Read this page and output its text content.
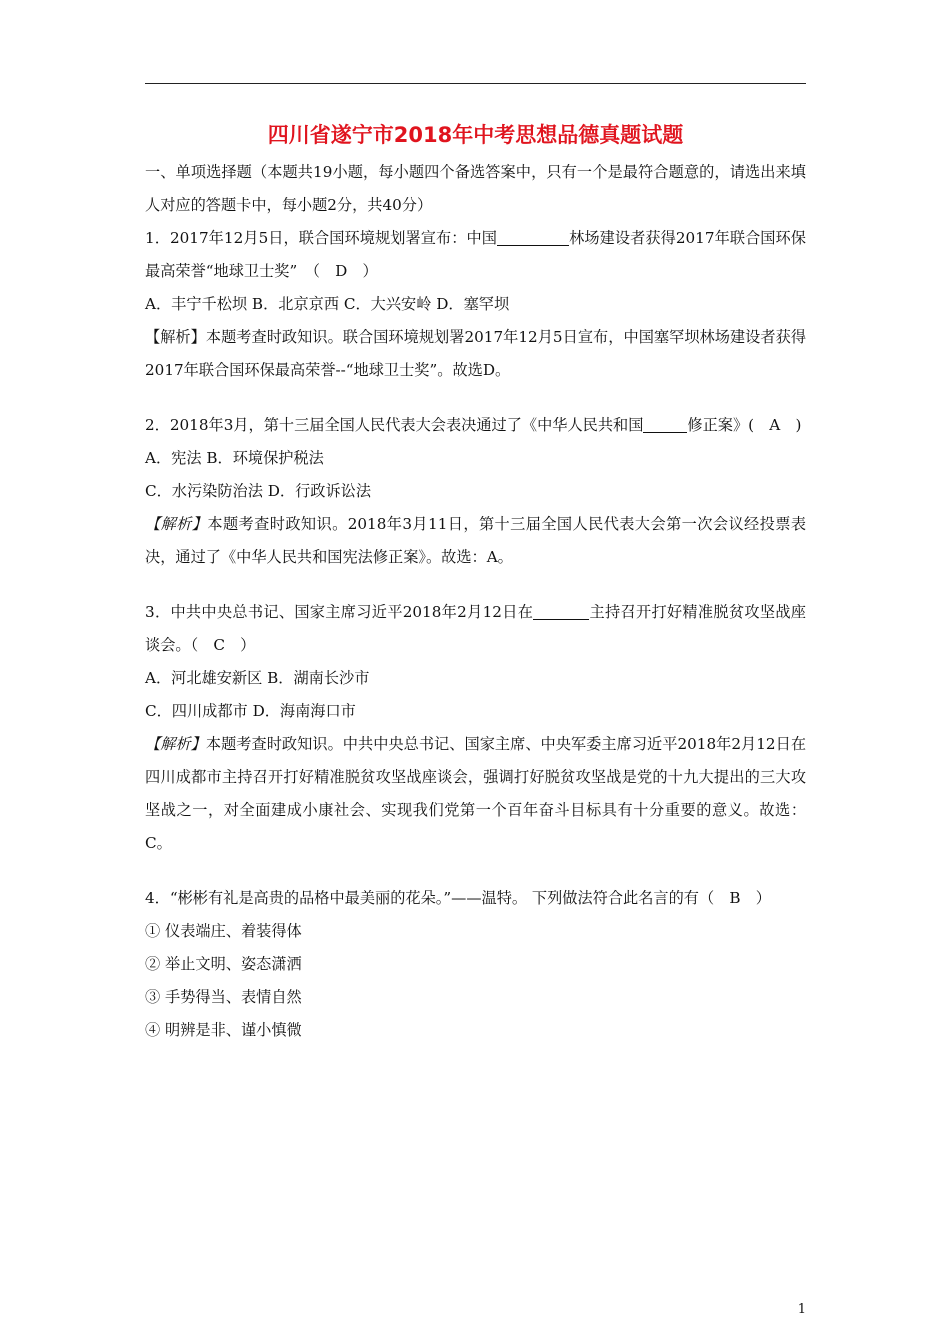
四川省遂宁市2018年中考思想品德真题试题

一、单项选择题（本题共19小题，每小题四个备选答案中，只有一个是最符合题意的，请选出来填人对应的答题卡中，每小题2分，共40分）

1．2017年12月5日，联合国环境规划署宣布：中国	林场建设者获得2017年联合国环保最高荣誉“地球卫士奖”　（　D　）

A．丰宁千松坝 B．北京京西 C．大兴安岭 D．塞罕坝

【解析】本题考查时政知识。联合国环境规划署2017年12月5日宣布，中国塞罕坝林场建设者获得2017年联合国环保最高荣誉--“地球卫士奖”。故选D。

2．2018年3月，第十三届全国人民代表大会表决通过了《中华人民共和国	修正案》(　A　)

A．宪法 B．环境保护税法

C．水污染防治法 D．行政诉讼法

【解析】本题考查时政知识。2018年3月11日，第十三届全国人民代表大会第一次会议经投票表决，通过了《中华人民共和国宪法修正案》。故选：A。

3．中共中央总书记、国家主席习近平2018年2月12日在	主持召开打好精准脱贫攻坚战座谈会。（　C　）

A．河北雄安新区 B．湖南长沙市

C．四川成都市 D．海南海口市

【解析】本题考查时政知识。中共中央总书记、国家主席、中央军委主席习近平2018年2月12日在四川成都市主持召开打好精准脱贫攻坚战座谈会，强调打好脱贫攻坚战是党的十九大提出的三大攻坚战之一，对全面建成小康社会、实现我们党第一个百年奋斗目标具有十分重要的意义。故选：C。

4．“彬彬有礼是高贵的品格中最美丽的花朵。”——温特。 下列做法符合此名言的有（　B　）

① 仪表端庄、着装得体

② 举止文明、姿态潇洒

③ 手势得当、表情自然

④ 明辨是非、谨小慎微

1
